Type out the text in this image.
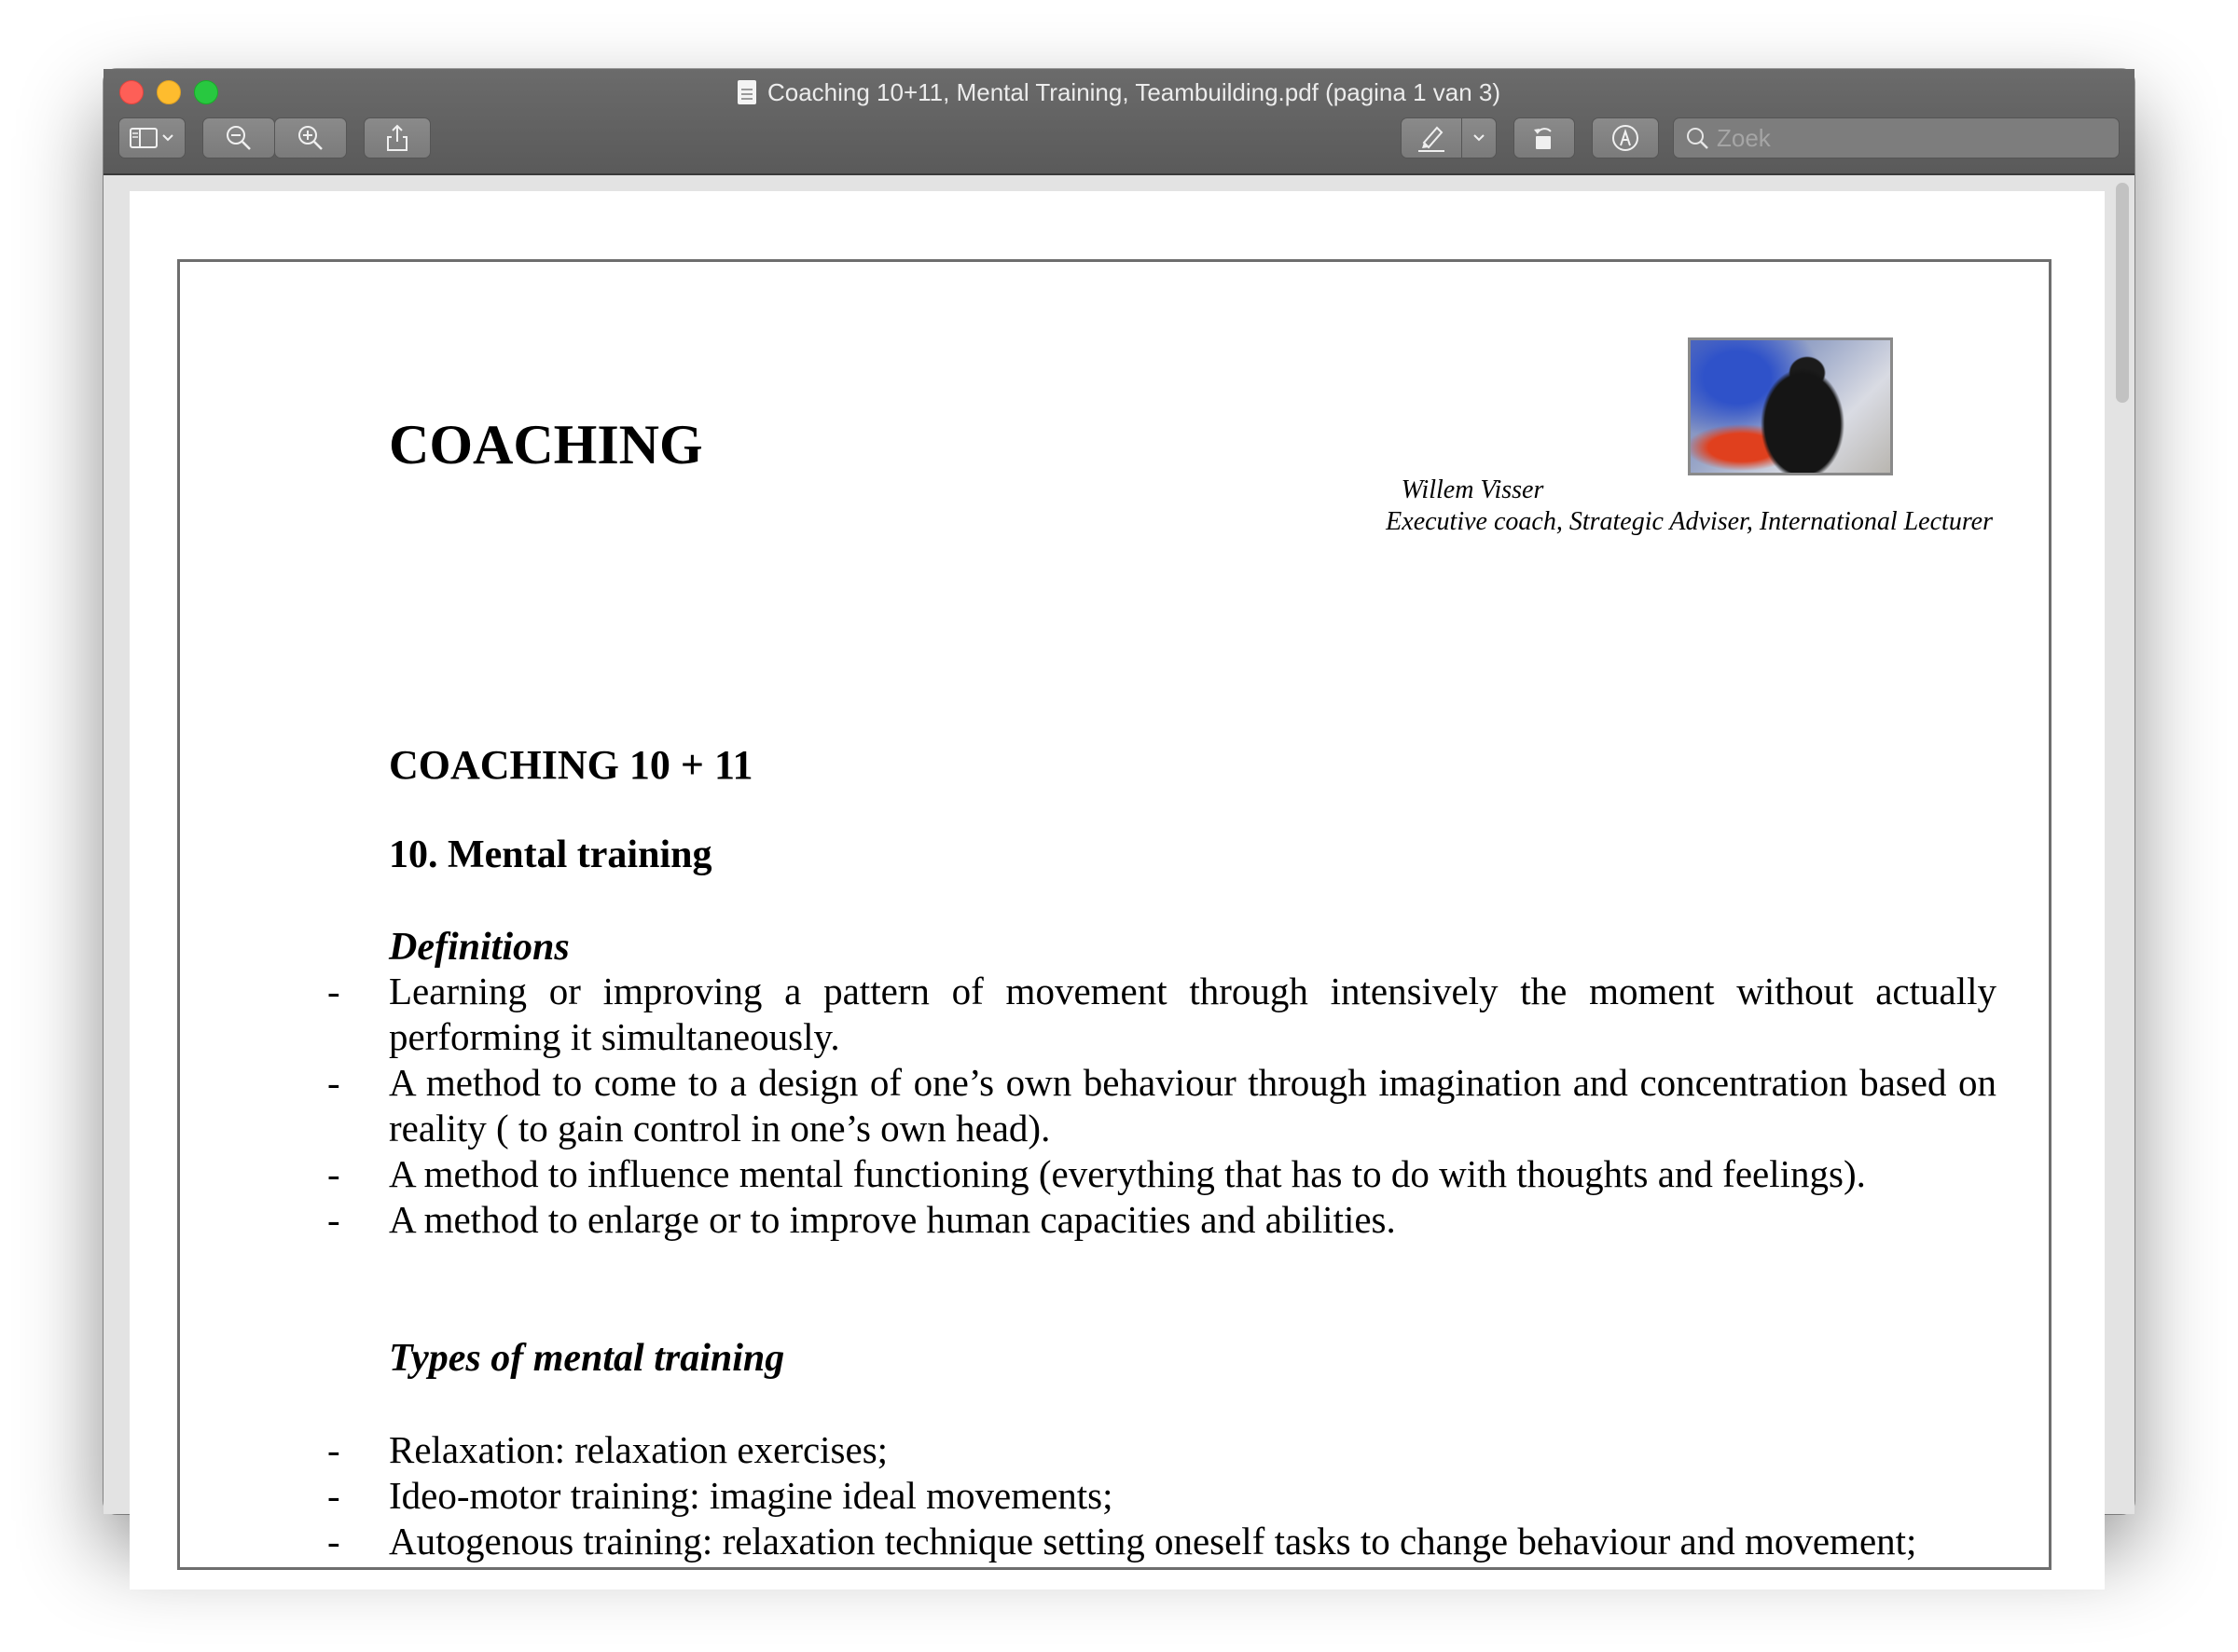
Coaching 10+11, Mental Training, Teambuilding.pdf (pagina 1 van 3)
Zoek
COACHING
Willem Visser
Executive coach, Strategic Adviser, International Lecturer
COACHING 10 + 11
10. Mental training
Definitions
- Learning or improving a pattern of movement through intensively the moment without actually performing it simultaneously.
- A method to come to a design of one’s own behaviour through imagination and concentration based on reality ( to gain control in one’s own head).
- A method to influence mental functioning (everything that has to do with thoughts and feelings).
- A method to enlarge or to improve human capacities and abilities.
Types of mental training
- Relaxation: relaxation exercises;
- Ideo-motor training: imagine ideal movements;
- Autogenous training: relaxation technique setting oneself tasks to change behaviour and movement;
